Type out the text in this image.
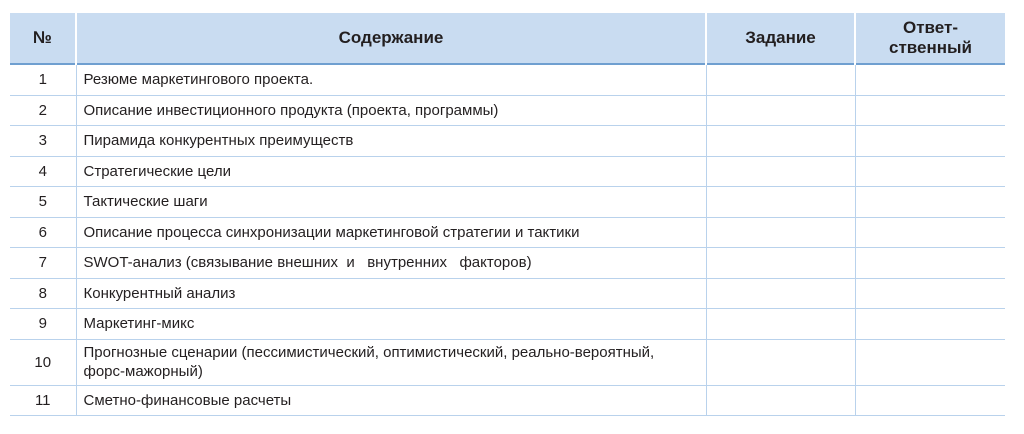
№	Содержание	Задание	Ответ-
ственный
1	Резюме маркетингового проекта.		
2	Описание инвестиционного продукта (проекта, программы)		
3	Пирамида конкурентных преимуществ		
4	Стратегические цели		
5	Тактические шаги		
6	Описание процесса синхронизации маркетинговой стратегии и тактики		
7	SWOT-анализ (связывание внешних  и   внутренних   факторов)		
8	Конкурентный анализ		
9	Маркетинг-микс		
10	Прогнозные сценарии (пессимистический, оптимистический, реально-вероятный, форс-мажорный)		
11	Сметно-финансовые расчеты		
